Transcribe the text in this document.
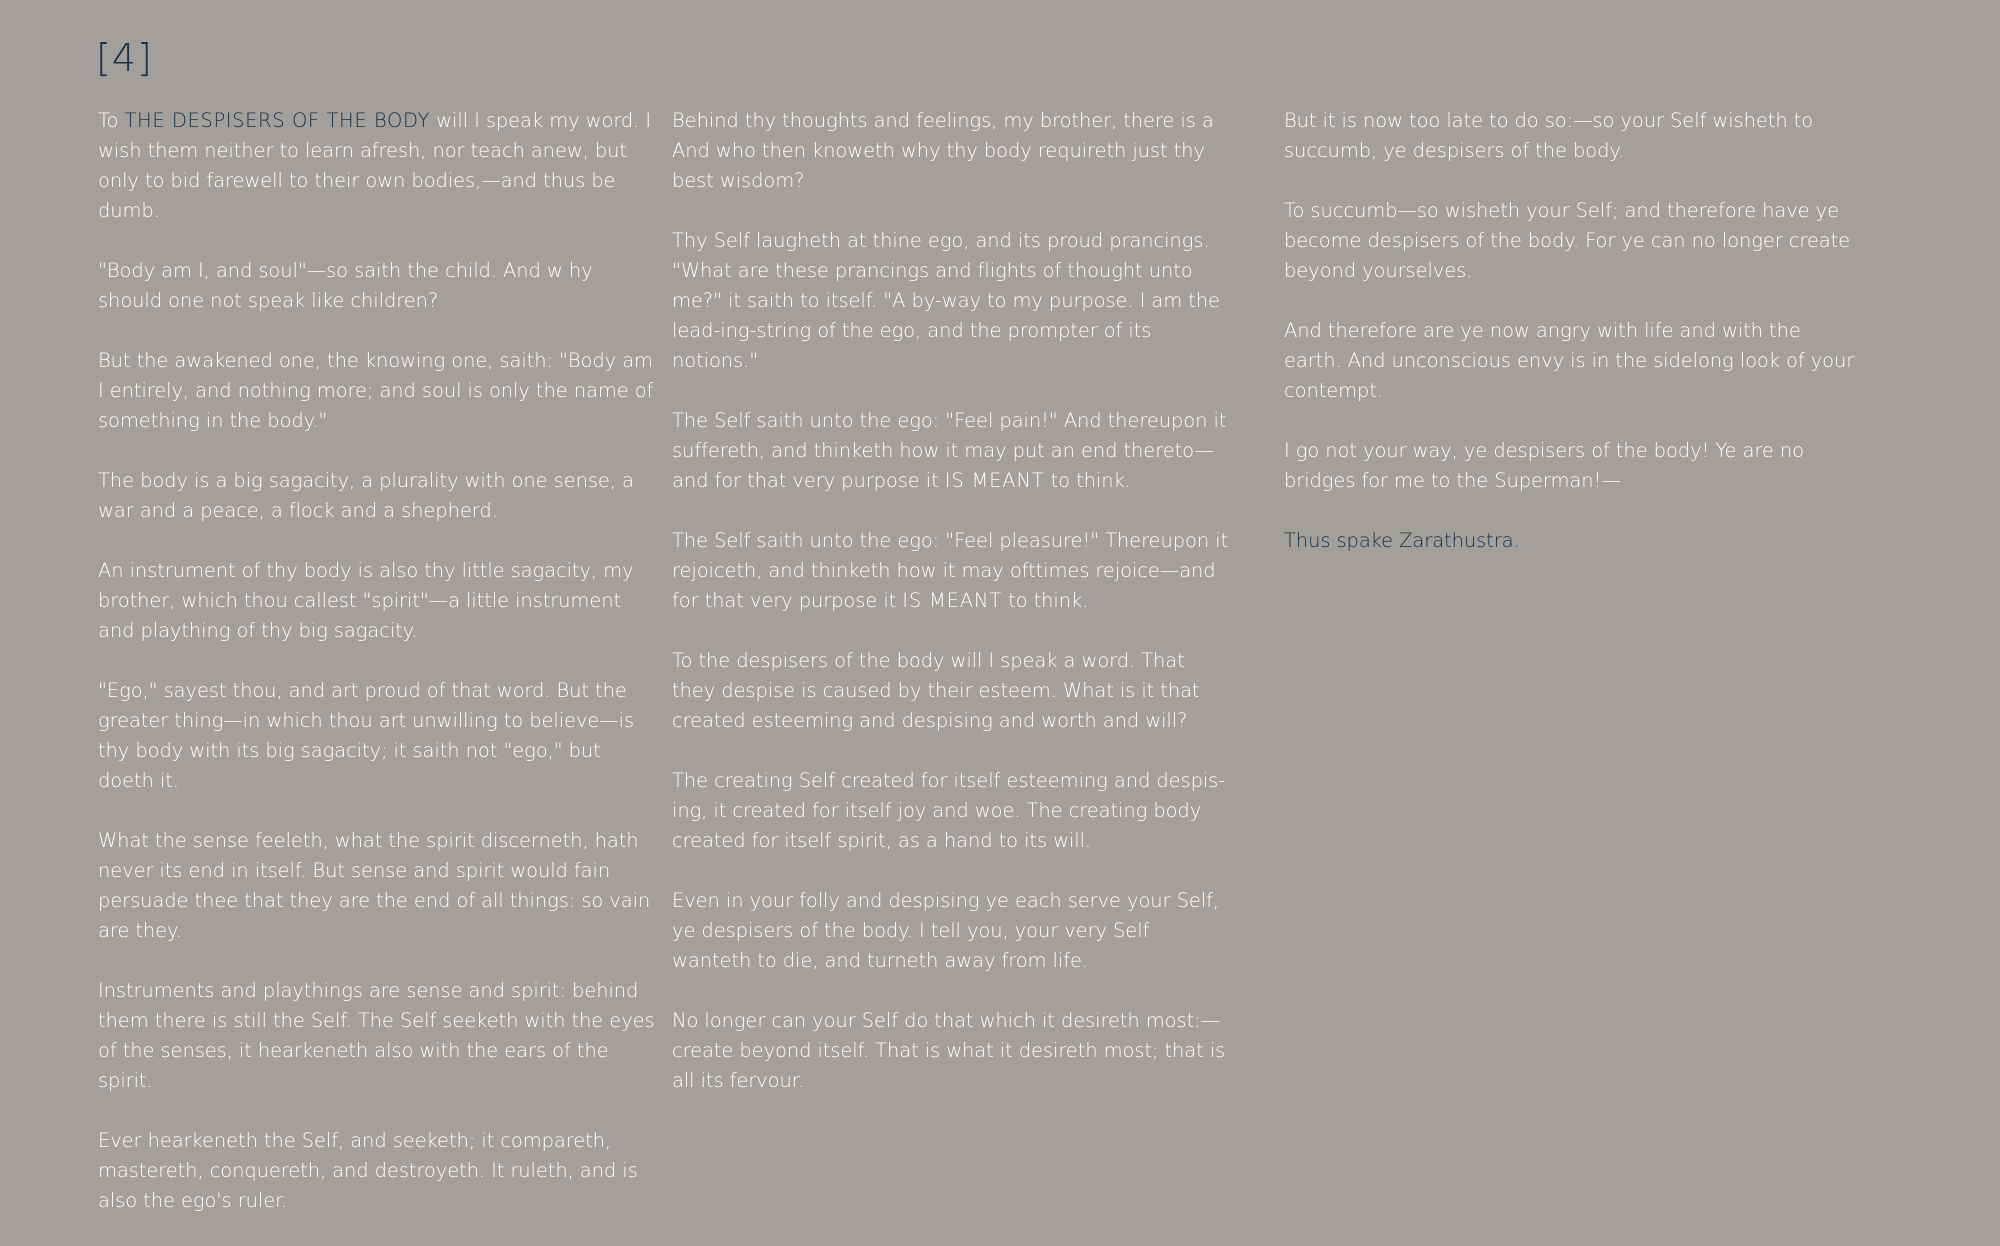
[4]

To THE DESPISERS OF THE BODY will I speak my word. I wish them neither to learn afresh, nor teach anew, but only to bid farewell to their own bodies,—and thus be dumb.

"Body am I, and soul"—so saith the child. And w hy should one not speak like children?

But the awakened one, the knowing one, saith: "Body am I entirely, and nothing more; and soul is only the name of something in the body."

The body is a big sagacity, a plurality with one sense, a war and a peace, a flock and a shepherd.

An instrument of thy body is also thy little sagacity, my brother, which thou callest "spirit"—a little instrument and plaything of thy big sagacity.

"Ego," sayest thou, and art proud of that word. But the greater thing—in which thou art unwilling to believe—is thy body with its big sagacity; it saith not "ego," but doeth it.

What the sense feeleth, what the spirit discerneth, hath never its end in itself. But sense and spirit would fain persuade thee that they are the end of all things: so vain are they.

Instruments and playthings are sense and spirit: behind them there is still the Self. The Self seeketh with the eyes of the senses, it hearkeneth also with the ears of the spirit.

Ever hearkeneth the Self, and seeketh; it compareth, mastereth, conquereth, and destroyeth. It ruleth, and is also the ego's ruler.

Behind thy thoughts and feelings, my brother, there is a And who then knoweth why thy body requireth just thy best wisdom?

Thy Self laugheth at thine ego, and its proud prancings. "What are these prancings and flights of thought unto me?" it saith to itself. "A by-way to my purpose. I am the lead-ing-string of the ego, and the prompter of its notions."

The Self saith unto the ego: "Feel pain!" And thereupon it suffereth, and thinketh how it may put an end thereto—and for that very purpose it IS MEANT to think.

The Self saith unto the ego: "Feel pleasure!" Thereupon it rejoiceth, and thinketh how it may ofttimes rejoice—and for that very purpose it IS MEANT to think.

To the despisers of the body will I speak a word. That they despise is caused by their esteem. What is it that created esteeming and despising and worth and will?

The creating Self created for itself esteeming and despis-ing, it created for itself joy and woe. The creating body created for itself spirit, as a hand to its will.

Even in your folly and despising ye each serve your Self, ye despisers of the body. I tell you, your very Self wanteth to die, and turneth away from life.

No longer can your Self do that which it desireth most:—create beyond itself. That is what it desireth most; that is all its fervour.

But it is now too late to do so:—so your Self wisheth to succumb, ye despisers of the body.

To succumb—so wisheth your Self; and therefore have ye become despisers of the body. For ye can no longer create beyond yourselves.

And therefore are ye now angry with life and with the earth. And unconscious envy is in the sidelong look of your contempt.

I go not your way, ye despisers of the body! Ye are no bridges for me to the Superman!—

Thus spake Zarathustra.
